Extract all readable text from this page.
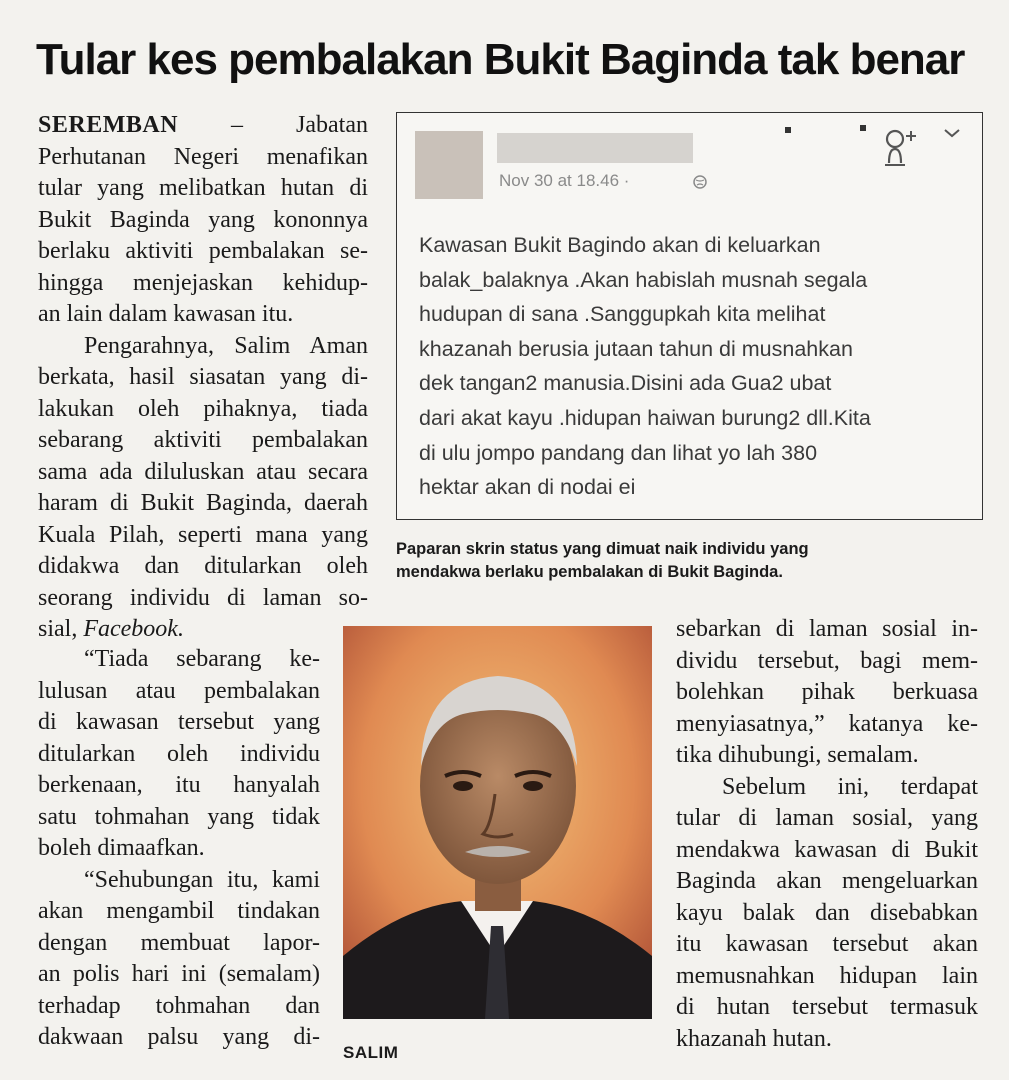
Tular kes pembalakan Bukit Baginda tak benar
SEREMBAN – Jabatan
Perhutanan Negeri menafikan
tular yang melibatkan hutan di
Bukit Baginda yang kononnya
berlaku aktiviti pembalakan se-
hingga menjejaskan kehidup-
an lain dalam kawasan itu.
Pengarahnya, Salim Aman
berkata, hasil siasatan yang di-
lakukan oleh pihaknya, tiada
sebarang aktiviti pembalakan
sama ada diluluskan atau secara
haram di Bukit Baginda, daerah
Kuala Pilah, seperti mana yang
didakwa dan ditularkan oleh
seorang individu di laman so-
sial, Facebook.
“Tiada sebarang ke-
lulusan atau pembalakan
di kawasan tersebut yang
ditularkan oleh individu
berkenaan, itu hanyalah
satu tohmahan yang tidak
boleh dimaafkan.
“Sehubungan itu, kami
akan mengambil tindakan
dengan membuat lapor-
an polis hari ini (semalam)
terhadap tohmahan dan
dakwaan palsu yang di-
sebarkan di laman sosial in-
dividu tersebut, bagi mem-
bolehkan pihak berkuasa
menyiasatnya,” katanya ke-
tika dihubungi, semalam.
Sebelum ini, terdapat
tular di laman sosial, yang
mendakwa kawasan di Bukit
Baginda akan mengeluarkan
kayu balak dan disebabkan
itu kawasan tersebut akan
memusnahkan hidupan lain
di hutan tersebut termasuk
khazanah hutan.
Nov 30 at 18.46 ·
Kawasan Bukit Bagindo akan di keluarkan
balak_balaknya .Akan habislah musnah segala
hudupan di sana .Sanggupkah kita melihat
khazanah berusia jutaan tahun di musnahkan
dek tangan2 manusia.Disini ada Gua2 ubat
dari akat kayu .hidupan haiwan burung2 dll.Kita
di ulu jompo pandang dan lihat yo lah 380
hektar akan di nodai ei
Paparan skrin status yang dimuat naik individu yang
mendakwa berlaku pembalakan di Bukit Baginda.
SALIM
